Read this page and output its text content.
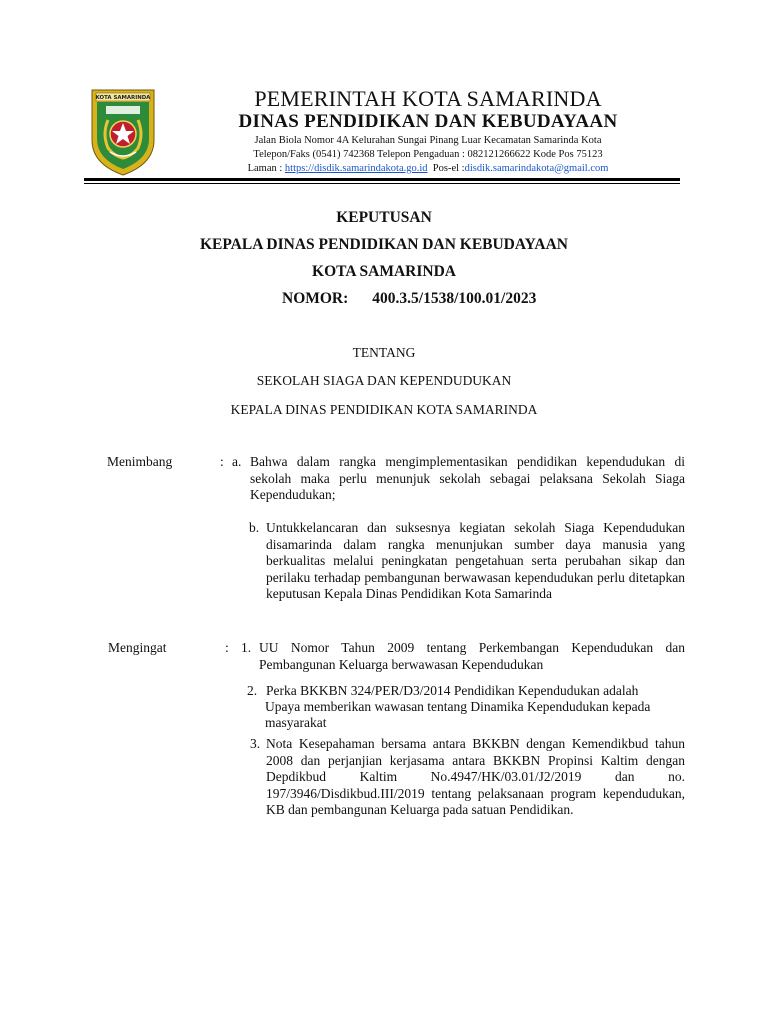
KOTA SAMARINDA	PEMERINTAH KOTA SAMARINDA
DINAS PENDIDIKAN DAN KEBUDAYAAN
Jalan Biola Nomor 4A Kelurahan Sungai Pinang Luar Kecamatan Samarinda Kota
Telepon/Faks (0541) 742368 Telepon Pengaduan : 082121266622 Kode Pos 75123
Laman : https://disdik.samarindakota.go.id  Pos-el :disdik.samarindakota@gmail.com
KEPUTUSAN
KEPALA DINAS PENDIDIKAN DAN KEBUDAYAAN
KOTA SAMARINDA
NOMOR: 400.3.5/1538/100.01/2023
TENTANG
SEKOLAH SIAGA DAN KEPENDUDUKAN
KEPALA DINAS PENDIDIKAN KOTA SAMARINDA
Menimbang	: a. Bahwa dalam rangka mengimplementasikan pendidikan kependudukan di sekolah maka perlu menunjuk sekolah sebagai pelaksana Sekolah Siaga Kependudukan;
b. Untukkelancaran dan suksesnya kegiatan sekolah Siaga Kependudukan disamarinda dalam rangka menunjukan sumber daya manusia yang berkualitas melalui peningkatan pengetahuan serta perubahan sikap dan perilaku terhadap pembangunan berwawasan kependudukan perlu ditetapkan keputusan Kepala Dinas Pendidikan Kota Samarinda
Mengingat	: 1. UU Nomor Tahun 2009 tentang Perkembangan Kependudukan dan Pembangunan Keluarga berwawasan Kependudukan
2. Perka BKKBN 324/PER/D3/2014 Pendidikan Kependudukan adalah
Upaya memberikan wawasan tentang Dinamika Kependudukan kepada
masyarakat
3. Nota Kesepahaman bersama antara BKKBN dengan Kemendikbud tahun 2008 dan perjanjian kerjasama antara BKKBN Propinsi Kaltim dengan Depdikbud Kaltim No.4947/HK/03.01/J2/2019 dan no. 197/3946/Disdikbud.III/2019 tentang pelaksanaan program kependudukan, KB dan pembangunan Keluarga pada satuan Pendidikan.
